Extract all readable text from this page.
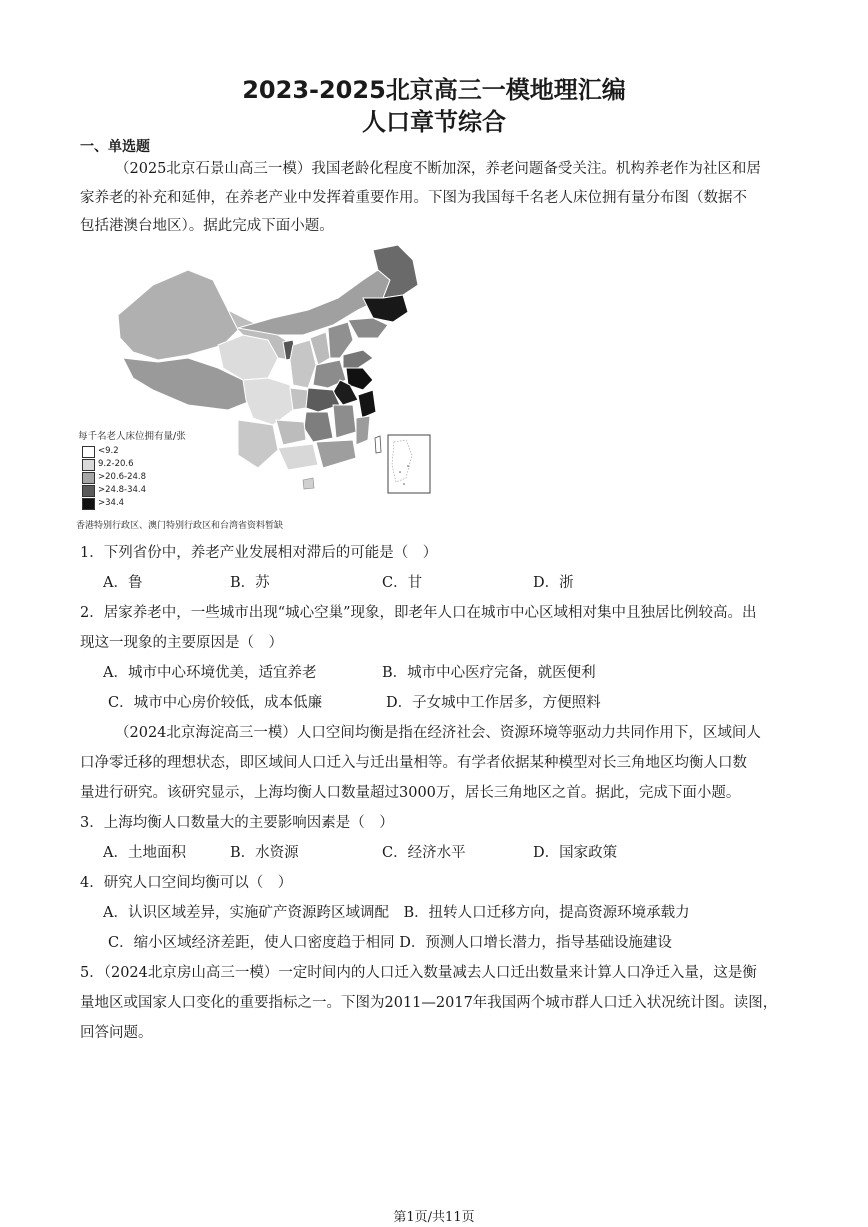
2023-2025北京高三一模地理汇编
人口章节综合
一、单选题
（2025北京石景山高三一模）我国老龄化程度不断加深，养老问题备受关注。机构养老作为社区和居
家养老的补充和延伸，在养老产业中发挥着重要作用。下图为我国每千名老人床位拥有量分布图（数据不
包括港澳台地区）。据此完成下面小题。
每千名老人床位拥有量/张
<9.2
9.2-20.6
>20.6-24.8
>24.8-34.4
>34.4
香港特别行政区、澳门特别行政区和台湾省资料暂缺
1．下列省份中，养老产业发展相对滞后的可能是（　）
A．鲁	B．苏	C．甘	D．浙
2．居家养老中，一些城市出现“城心空巢”现象，即老年人口在城市中心区域相对集中且独居比例较高。出
现这一现象的主要原因是（　）
A．城市中心环境优美，适宜养老	B．城市中心医疗完备，就医便利
C．城市中心房价较低，成本低廉	D．子女城中工作居多，方便照料
（2024北京海淀高三一模）人口空间均衡是指在经济社会、资源环境等驱动力共同作用下，区域间人
口净零迁移的理想状态，即区域间人口迁入与迁出量相等。有学者依据某种模型对长三角地区均衡人口数
量进行研究。该研究显示，上海均衡人口数量超过3000万，居长三角地区之首。据此，完成下面小题。
3．上海均衡人口数量大的主要影响因素是（　）
A．土地面积	B．水资源	C．经济水平	D．国家政策
4．研究人口空间均衡可以（　）
A．认识区域差异，实施矿产资源跨区域调配　B．扭转人口迁移方向，提高资源环境承载力
C．缩小区域经济差距，使人口密度趋于相同 D．预测人口增长潜力，指导基础设施建设
5．（2024北京房山高三一模）一定时间内的人口迁入数量减去人口迁出数量来计算人口净迁入量，这是衡
量地区或国家人口变化的重要指标之一。下图为2011—2017年我国两个城市群人口迁入状况统计图。读图，
回答问题。
第1页/共11页
